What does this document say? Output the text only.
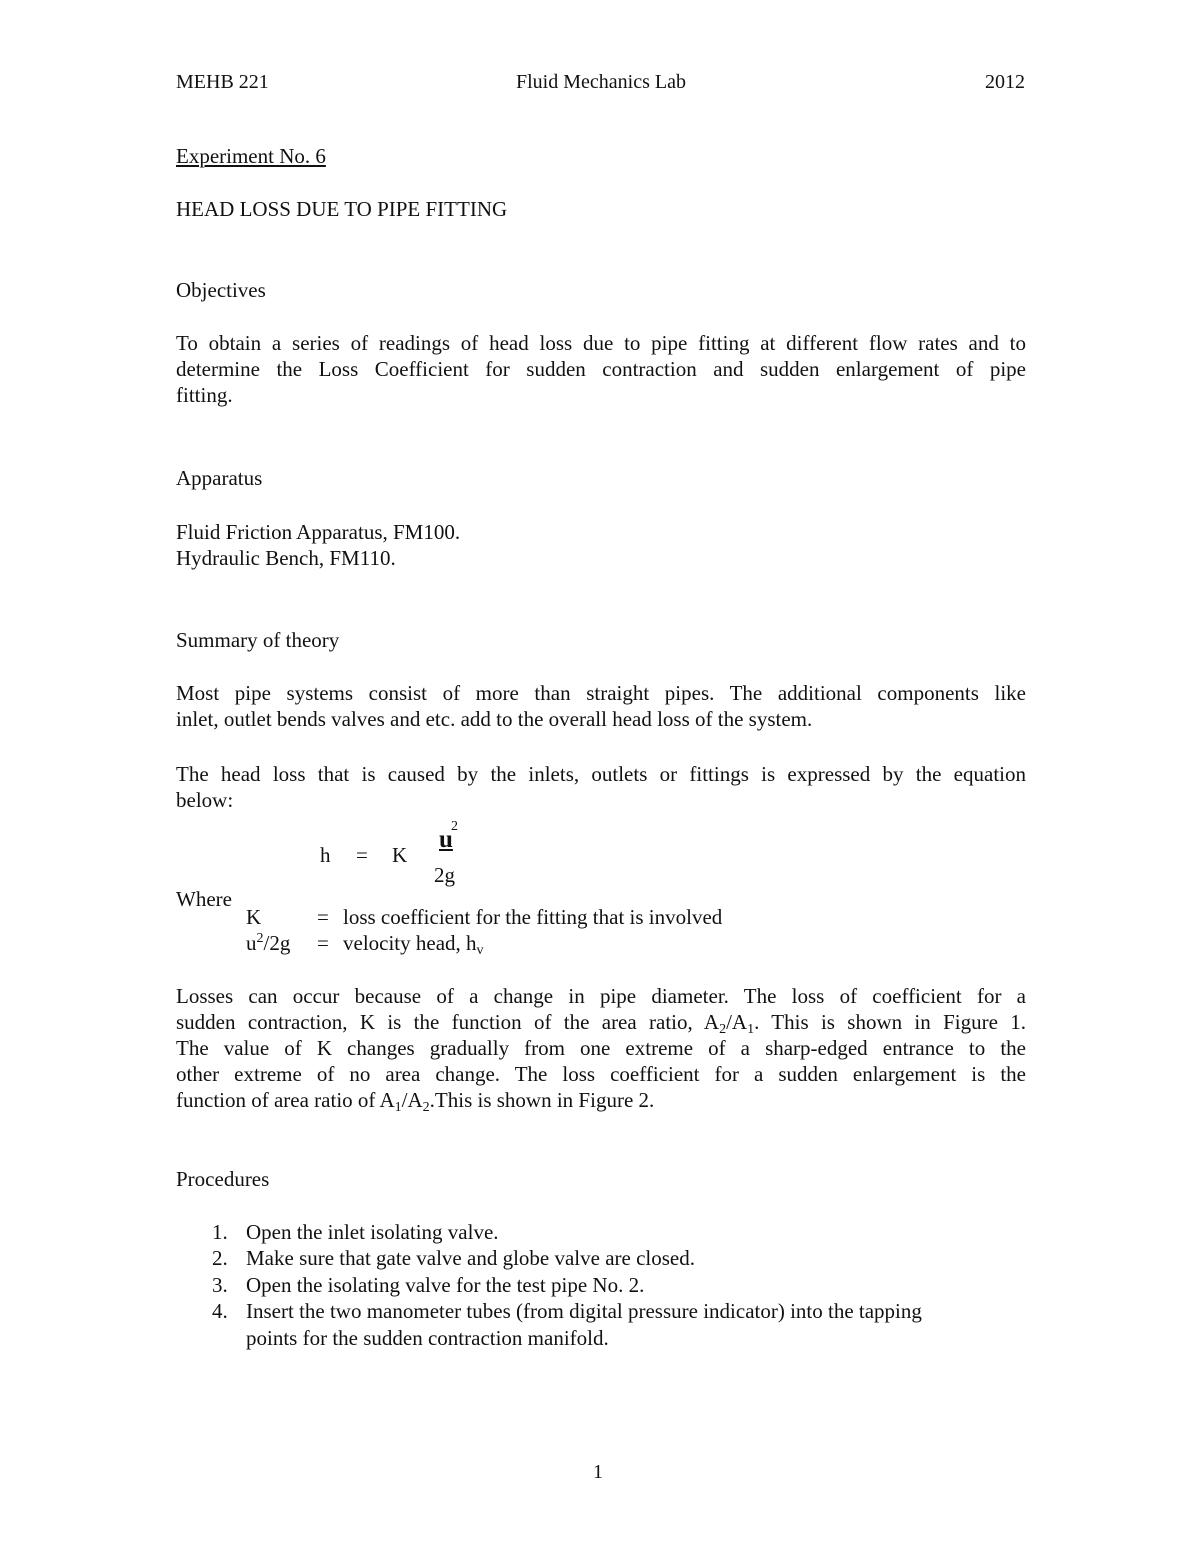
MEHB 221	Fluid Mechanics Lab	2012
Experiment No. 6
HEAD LOSS DUE TO PIPE FITTING
Objectives
To obtain a series of readings of head loss due to pipe fitting at different flow rates and to
determine the Loss Coefficient for sudden contraction and sudden enlargement of pipe
fitting.
Apparatus
Fluid Friction Apparatus, FM100.
Hydraulic Bench, FM110.
Summary of theory
Most pipe systems consist of more than straight pipes. The additional components like
inlet, outlet bends valves and etc. add to the overall head loss of the system.
The head loss that is caused by the inlets, outlets or fittings is expressed by the equation
below:
h = K
2
u
2g
Where
K	= loss coefficient for the fitting that is involved
$u^2/2g$ = velocity head, $h_v$
Losses can occur because of a change in pipe diameter. The loss of coefficient for a
sudden contraction, K is the function of the area ratio, $A_2/A_1$. This is shown in Figure 1.
The value of K changes gradually from one extreme of a sharp-edged entrance to the
other extreme of no area change. The loss coefficient for a sudden enlargement is the
function of area ratio of $A_1/A_2.This$ is shown in Figure 2.
Procedures
1. Open the inlet isolating valve.
2. Make sure that gate valve and globe valve are closed.
3. Open the isolating valve for the test pipe No. 2.
4. Insert the two manometer tubes (from digital pressure indicator) into the tapping
points for the sudden contraction manifold.
1
